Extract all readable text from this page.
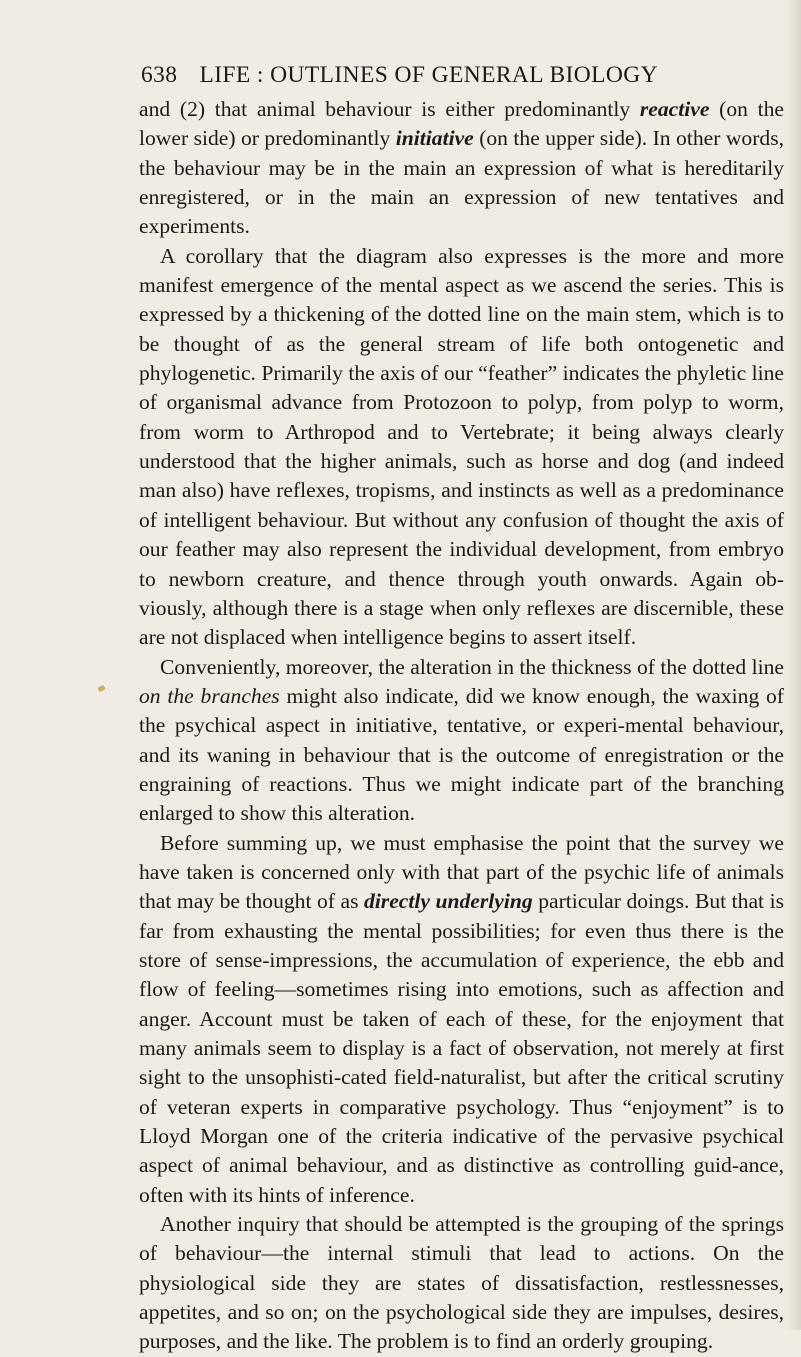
638 LIFE : OUTLINES OF GENERAL BIOLOGY

and (2) that animal behaviour is either predominantly reactive (on the lower side) or predominantly initiative (on the upper side). In other words, the behaviour may be in the main an expression of what is hereditarily enregistered, or in the main an expression of new tentatives and experiments.

A corollary that the diagram also expresses is the more and more manifest emergence of the mental aspect as we ascend the series. This is expressed by a thickening of the dotted line on the main stem, which is to be thought of as the general stream of life both ontogenetic and phylogenetic. Primarily the axis of our “feather” indicates the phyletic line of organismal advance from Protozoon to polyp, from polyp to worm, from worm to Arthropod and to Vertebrate; it being always clearly understood that the higher animals, such as horse and dog (and indeed man also) have reflexes, tropisms, and instincts as well as a predominance of intelligent behaviour. But without any confusion of thought the axis of our feather may also represent the individual development, from embryo to newborn creature, and thence through youth onwards. Again ob-viously, although there is a stage when only reflexes are discernible, these are not displaced when intelligence begins to assert itself.

Conveniently, moreover, the alteration in the thickness of the dotted line on the branches might also indicate, did we know enough, the waxing of the psychical aspect in initiative, tentative, or experi-mental behaviour, and its waning in behaviour that is the outcome of enregistration or the engraining of reactions. Thus we might indicate part of the branching enlarged to show this alteration.

Before summing up, we must emphasise the point that the survey we have taken is concerned only with that part of the psychic life of animals that may be thought of as directly underlying particular doings. But that is far from exhausting the mental possibilities; for even thus there is the store of sense-impressions, the accumulation of experience, the ebb and flow of feeling—sometimes rising into emotions, such as affection and anger. Account must be taken of each of these, for the enjoyment that many animals seem to display is a fact of observation, not merely at first sight to the unsophisti-cated field-naturalist, but after the critical scrutiny of veteran experts in comparative psychology. Thus “enjoyment” is to Lloyd Morgan one of the criteria indicative of the pervasive psychical aspect of animal behaviour, and as distinctive as controlling guid-ance, often with its hints of inference.

Another inquiry that should be attempted is the grouping of the springs of behaviour—the internal stimuli that lead to actions. On the physiological side they are states of dissatisfaction, restlessnesses, appetites, and so on; on the psychological side they are impulses, desires, purposes, and the like. The problem is to find an orderly grouping.
